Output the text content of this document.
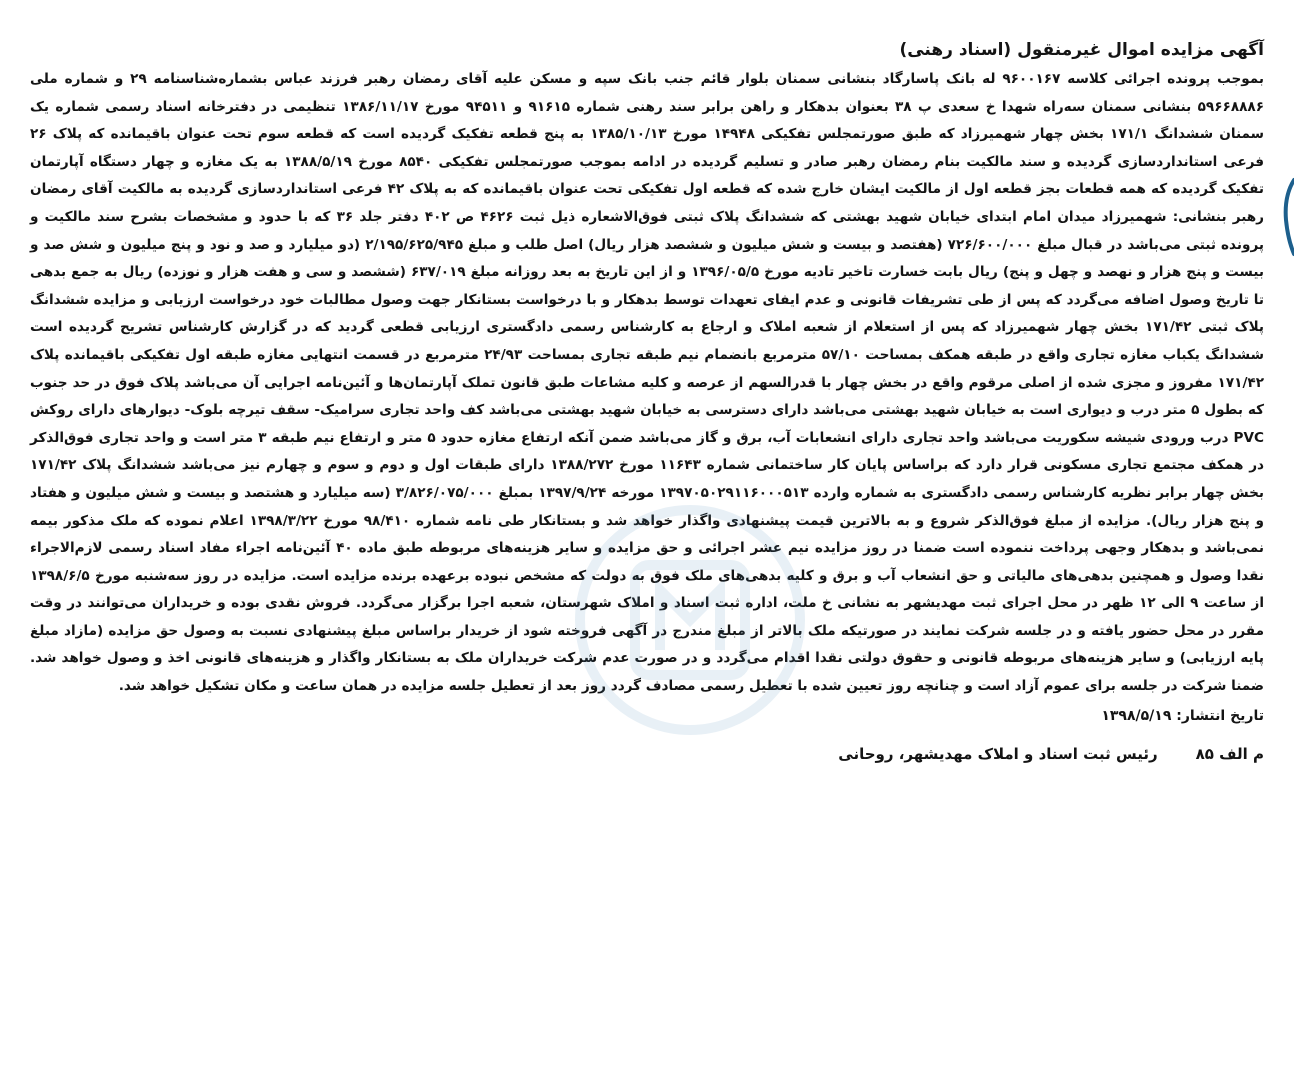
آگهی مزایده اموال غیرمنقول (اسناد رهنی)

بموجب پرونده اجرائی کلاسه ۹۶۰۰۱۶۷ له بانک پاسارگاد بنشانی سمنان بلوار قائم جنب بانک سپه و مسکن علیه آقای رمضان رهبر فرزند عباس بشماره‌شناسنامه ۲۹ و شماره ملی ۵۹۶۶۸۸۸۶ بنشانی سمنان سه‌راه شهدا خ سعدی پ ۳۸ بعنوان بدهکار و راهن برابر سند رهنی شماره ۹۱۶۱۵ و ۹۴۵۱۱ مورخ ۱۳۸۶/۱۱/۱۷ تنظیمی در دفترخانه اسناد رسمی شماره یک سمنان ششدانگ ۱۷۱/۱ بخش چهار شهمیرزاد که طبق صورتمجلس تفکیکی ۱۴۹۴۸ مورخ ۱۳۸۵/۱۰/۱۳ به پنج قطعه تفکیک گردیده است که قطعه سوم تحت عنوان باقیمانده که پلاک ۲۶ فرعی استانداردسازی گردیده و سند مالکیت بنام رمضان رهبر صادر و تسلیم گردیده در ادامه بموجب صورتمجلس تفکیکی ۸۵۴۰ مورخ ۱۳۸۸/۵/۱۹ به یک مغازه و چهار دستگاه آپارتمان تفکیک گردیده که همه قطعات بجز قطعه اول از مالکیت ایشان خارج شده که قطعه اول تفکیکی تحت عنوان باقیمانده که به پلاک ۴۲ فرعی استانداردسازی گردیده به مالکیت آقای رمضان رهبر بنشانی: شهمیرزاد میدان امام ابتدای خیابان شهید بهشتی که ششدانگ پلاک ثبتی فوق‌الاشعاره ذیل ثبت ۴۶۲۶ ص ۴۰۲ دفتر جلد ۳۶ که با حدود و مشخصات بشرح سند مالکیت و پرونده ثبتی می‌باشد در قبال مبلغ ۷۲۶/۶۰۰/۰۰۰ (هفتصد و بیست و شش میلیون و ششصد هزار ریال) اصل طلب و مبلغ ۲/۱۹۵/۶۲۵/۹۴۵ (دو میلیارد و صد و نود و پنج میلیون و شش صد و بیست و پنج هزار و نهصد و چهل و پنج) ریال بابت خسارت تاخیر تادیه مورخ ۱۳۹۶/۰۵/۵ و از این تاریخ به بعد روزانه مبلغ ۶۳۷/۰۱۹ (ششصد و سی و هفت هزار و نوزده) ریال به جمع بدهی تا تاریخ وصول اضافه می‌گردد که پس از طی تشریفات قانونی و عدم ایفای تعهدات توسط بدهکار و با درخواست بستانکار جهت وصول مطالبات خود درخواست ارزیابی و مزایده ششدانگ پلاک ثبتی ۱۷۱/۴۲ بخش چهار شهمیرزاد که پس از استعلام از شعبه املاک و ارجاع به کارشناس رسمی دادگستری ارزیابی قطعی گردید که در گزارش کارشناس تشریح گردیده است ششدانگ یکباب مغازه تجاری واقع در طبقه همکف بمساحت ۵۷/۱۰ مترمربع بانضمام نیم طبقه تجاری بمساحت ۲۴/۹۳ مترمربع در قسمت انتهایی مغازه طبقه اول تفکیکی باقیمانده پلاک ۱۷۱/۴۲ مفروز و مجزی شده از اصلی مرقوم واقع در بخش چهار با قدرالسهم از عرصه و کلیه مشاعات طبق قانون تملک آپارتمان‌ها و آئین‌نامه اجرایی آن می‌باشد پلاک فوق در حد جنوب که بطول ۵ متر درب و دیواری است به خیابان شهید بهشتی می‌باشد دارای دسترسی به خیابان شهید بهشتی می‌باشد کف واحد تجاری سرامیک- سقف تیرچه بلوک- دیوارهای دارای روکش PVC درب ورودی شیشه سکوریت می‌باشد واحد تجاری دارای انشعابات آب، برق و گاز می‌باشد ضمن آنکه ارتفاع مغازه حدود ۵ متر و ارتفاع نیم طبقه ۳ متر است و واحد تجاری فوق‌الذکر در همکف مجتمع تجاری مسکونی قرار دارد که براساس پایان کار ساختمانی شماره ۱۱۶۴۳ مورخ ۱۳۸۸/۲۷۲ دارای طبقات اول و دوم و سوم و چهارم نیز می‌باشد ششدانگ پلاک ۱۷۱/۴۲ بخش چهار برابر نظریه کارشناس رسمی دادگستری به شماره وارده ۱۳۹۷۰۵۰۲۹۱۱۶۰۰۰۵۱۳ مورخه ۱۳۹۷/۹/۲۴ بمبلغ ۳/۸۲۶/۰۷۵/۰۰۰ (سه میلیارد و هشتصد و بیست و شش میلیون و هفتاد و پنج هزار ریال). مزایده از مبلغ فوق‌الذکر شروع و به بالاترین قیمت پیشنهادی واگذار خواهد شد و بستانکار طی نامه شماره ۹۸/۴۱۰ مورخ ۱۳۹۸/۳/۲۲ اعلام نموده که ملک مذکور بیمه نمی‌باشد و بدهکار وجهی پرداخت ننموده است ضمنا در روز مزایده نیم عشر اجرائی و حق مزایده و سایر هزینه‌های مربوطه طبق ماده ۴۰ آئین‌نامه اجراء مفاد اسناد رسمی لازم‌الاجراء نقدا وصول و همچنین بدهی‌های مالیاتی و حق انشعاب آب و برق و کلیه بدهی‌های ملک فوق به دولت که مشخص نبوده برعهده برنده مزایده است. مزایده در روز سه‌شنبه مورخ ۱۳۹۸/۶/۵ از ساعت ۹ الی ۱۲ ظهر در محل اجرای ثبت مهدیشهر به نشانی خ ملت، اداره ثبت اسناد و املاک شهرستان، شعبه اجرا برگزار می‌گردد. فروش نقدی بوده و خریداران می‌توانند در وقت مقرر در محل حضور یافته و در جلسه شرکت نمایند در صورتیکه ملک بالاتر از مبلغ مندرج در آگهی فروخته شود از خریدار براساس مبلغ پیشنهادی نسبت به وصول حق مزایده (مازاد مبلغ پایه ارزیابی) و سایر هزینه‌های مربوطه قانونی و حقوق دولتی نقدا اقدام می‌گردد و در صورت عدم شرکت خریداران ملک به بستانکار واگذار و هزینه‌های قانونی اخذ و وصول خواهد شد. ضمنا شرکت در جلسه برای عموم آزاد است و چنانچه روز تعیین شده با تعطیل رسمی مصادف گردد روز بعد از تعطیل جلسه مزایده در همان ساعت و مکان تشکیل خواهد شد.

تاریخ انتشار: ۱۳۹۸/۵/۱۹
م الف ۸۵
رئیس ثبت اسناد و املاک مهدیشهر، روحانی
